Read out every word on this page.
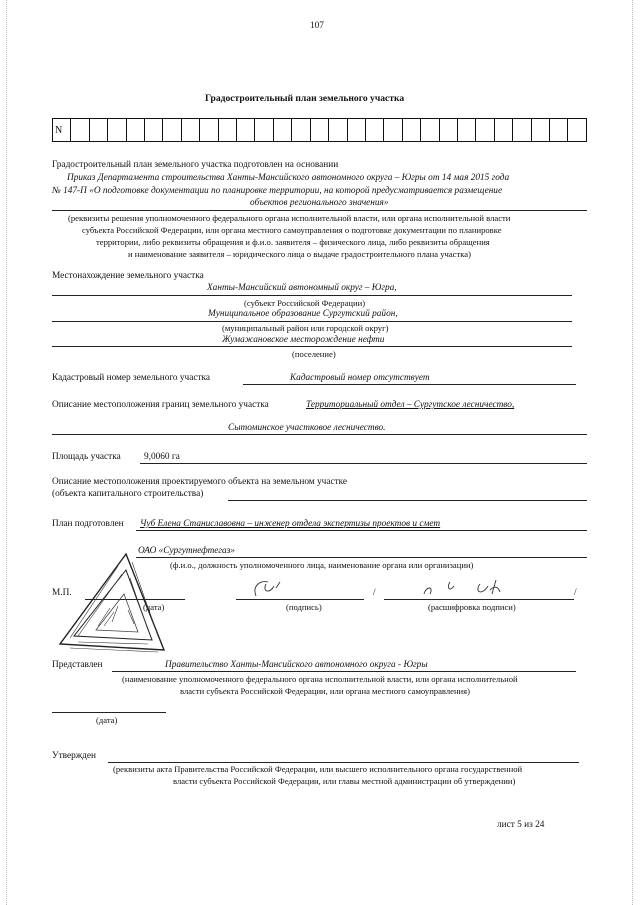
107
Градостроительный план земельного участка
N
Градостроительный план земельного участка подготовлен на основании
Приказ Департамента строительства Ханты-Мансийского автономного округа – Югры от 14 мая 2015 года
№ 147-П «О подготовке документации по планировке территории, на которой предусматривается размещение
объектов регионального значения»
(реквизиты решения уполномоченного федерального органа исполнительной власти, или органа исполнительной власти
субъекта Российской Федерации, или органа местного самоуправления о подготовке документации по планировке
территории, либо реквизиты обращения и ф.и.о. заявителя – физического лица, либо реквизиты обращения
и наименование заявителя – юридического лица о выдаче градостроительного плана участка)
Местонахождение земельного участка
Ханты-Мансийский автономный округ – Югра,
(субъект Российской Федерации)
Муниципальное образование Сургутский район,
(муниципальный район или городской округ)
Жумажановское месторождение нефти
(поселение)
Кадастровый номер земельного участка	Кадастровый номер отсутствует
Описание местоположения границ земельного участка	Территориальный отдел – Сургутское лесничество,
Сытоминское участковое лесничество.
Площадь участка	9,0060 га
Описание местоположения проектируемого объекта на земельном участке
(объекта капитального строительства)
План подготовлен Чуб Елена Станиславовна – инженер отдела экспертизы проектов и смет
ОАО «Сургутнефтегаз»
(ф.и.о., должность уполномоченного лица, наименование органа или организации)
М.П.
(дата)	(подпись)
/	/
(расшифровка подписи)
Представлен	Правительство Ханты-Мансийского автономного округа - Югры
(наименование уполномоченного федерального органа исполнительной власти, или органа исполнительной
власти субъекта Российской Федерации, или органа местного самоуправления)
(дата)
Утвержден
(реквизиты акта Правительства Российской Федерации, или высшего исполнительного органа государственной
власти субъекта Российской Федерации, или главы местной администрации об утверждении)
лист 5 из 24
